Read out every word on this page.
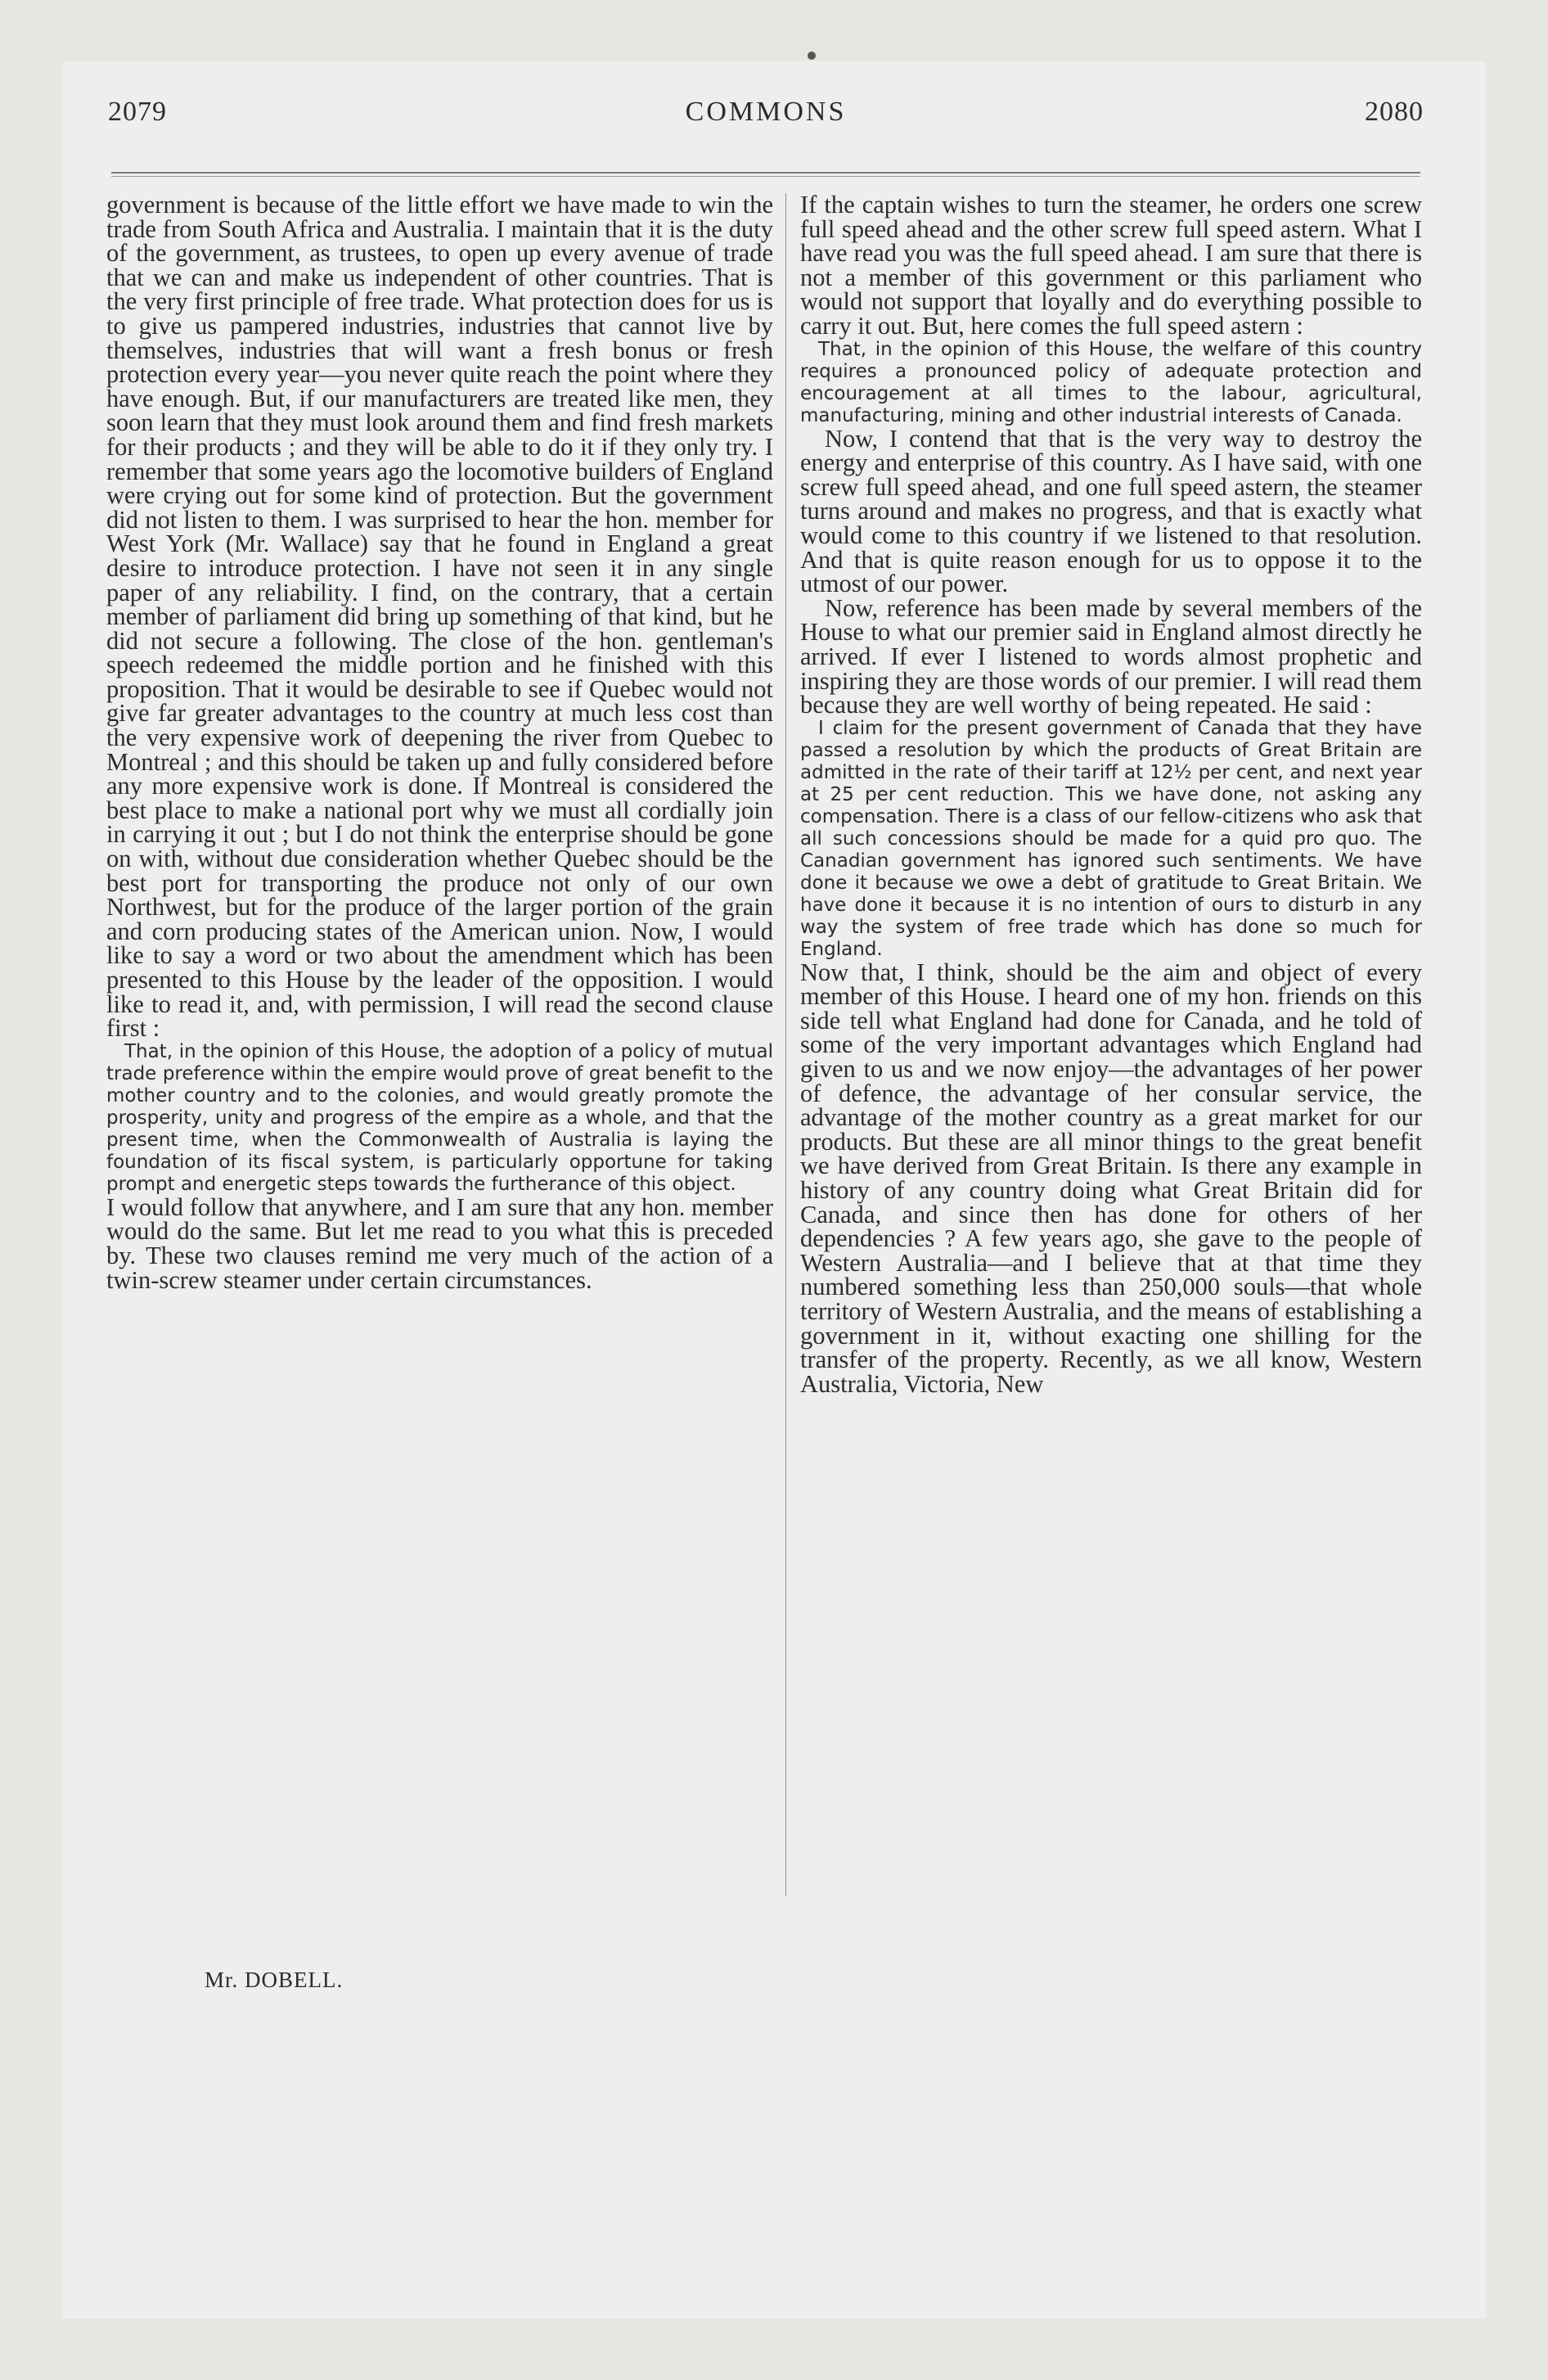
2079	COMMONS	2080

government is because of the little effort we have made to win the trade from South Africa and Australia. I maintain that it is the duty of the government, as trustees, to open up every avenue of trade that we can and make us independent of other countries. That is the very first principle of free trade. What protection does for us is to give us pampered industries, industries that cannot live by themselves, industries that will want a fresh bonus or fresh protection every year—you never quite reach the point where they have enough. But, if our manufacturers are treated like men, they soon learn that they must look around them and find fresh markets for their products ; and they will be able to do it if they only try. I remember that some years ago the locomotive builders of England were crying out for some kind of protection. But the government did not listen to them. I was surprised to hear the hon. member for West York (Mr. Wallace) say that he found in England a great desire to introduce protection. I have not seen it in any single paper of any reliability. I find, on the contrary, that a certain member of parliament did bring up something of that kind, but he did not secure a following. The close of the hon. gentleman's speech redeemed the middle portion and he finished with this proposition. That it would be desirable to see if Quebec would not give far greater advantages to the country at much less cost than the very expensive work of deepening the river from Quebec to Montreal ; and this should be taken up and fully considered before any more expensive work is done. If Montreal is considered the best place to make a national port why we must all cordially join in carrying it out ; but I do not think the enterprise should be gone on with, without due consideration whether Quebec should be the best port for transporting the produce not only of our own Northwest, but for the produce of the larger portion of the grain and corn producing states of the American union. Now, I would like to say a word or two about the amendment which has been presented to this House by the leader of the opposition. I would like to read it, and, with permission, I will read the second clause first :

That, in the opinion of this House, the adoption of a policy of mutual trade preference within the empire would prove of great benefit to the mother country and to the colonies, and would greatly promote the prosperity, unity and progress of the empire as a whole, and that the present time, when the Commonwealth of Australia is laying the foundation of its fiscal system, is particularly opportune for taking prompt and energetic steps towards the furtherance of this object.

I would follow that anywhere, and I am sure that any hon. member would do the same. But let me read to you what this is preceded by. These two clauses remind me very much of the action of a twin-screw steamer under certain circumstances.

If the captain wishes to turn the steamer, he orders one screw full speed ahead and the other screw full speed astern. What I have read you was the full speed ahead. I am sure that there is not a member of this government or this parliament who would not support that loyally and do everything possible to carry it out. But, here comes the full speed astern :

That, in the opinion of this House, the welfare of this country requires a pronounced policy of adequate protection and encouragement at all times to the labour, agricultural, manufacturing, mining and other industrial interests of Canada.

Now, I contend that that is the very way to destroy the energy and enterprise of this country. As I have said, with one screw full speed ahead, and one full speed astern, the steamer turns around and makes no progress, and that is exactly what would come to this country if we listened to that resolution. And that is quite reason enough for us to oppose it to the utmost of our power.

Now, reference has been made by several members of the House to what our premier said in England almost directly he arrived. If ever I listened to words almost prophetic and inspiring they are those words of our premier. I will read them because they are well worthy of being repeated. He said :

I claim for the present government of Canada that they have passed a resolution by which the products of Great Britain are admitted in the rate of their tariff at 12½ per cent, and next year at 25 per cent reduction. This we have done, not asking any compensation. There is a class of our fellow-citizens who ask that all such concessions should be made for a quid pro quo. The Canadian government has ignored such sentiments. We have done it because we owe a debt of gratitude to Great Britain. We have done it because it is no intention of ours to disturb in any way the system of free trade which has done so much for England.

Now that, I think, should be the aim and object of every member of this House. I heard one of my hon. friends on this side tell what England had done for Canada, and he told of some of the very important advantages which England had given to us and we now enjoy—the advantages of her power of defence, the advantage of her consular service, the advantage of the mother country as a great market for our products. But these are all minor things to the great benefit we have derived from Great Britain. Is there any example in history of any country doing what Great Britain did for Canada, and since then has done for others of her dependencies ? A few years ago, she gave to the people of Western Australia—and I believe that at that time they numbered something less than 250,000 souls—that whole territory of Western Australia, and the means of establishing a government in it, without exacting one shilling for the transfer of the property. Recently, as we all know, Western Australia, Victoria, New

Mr. DOBELL.
